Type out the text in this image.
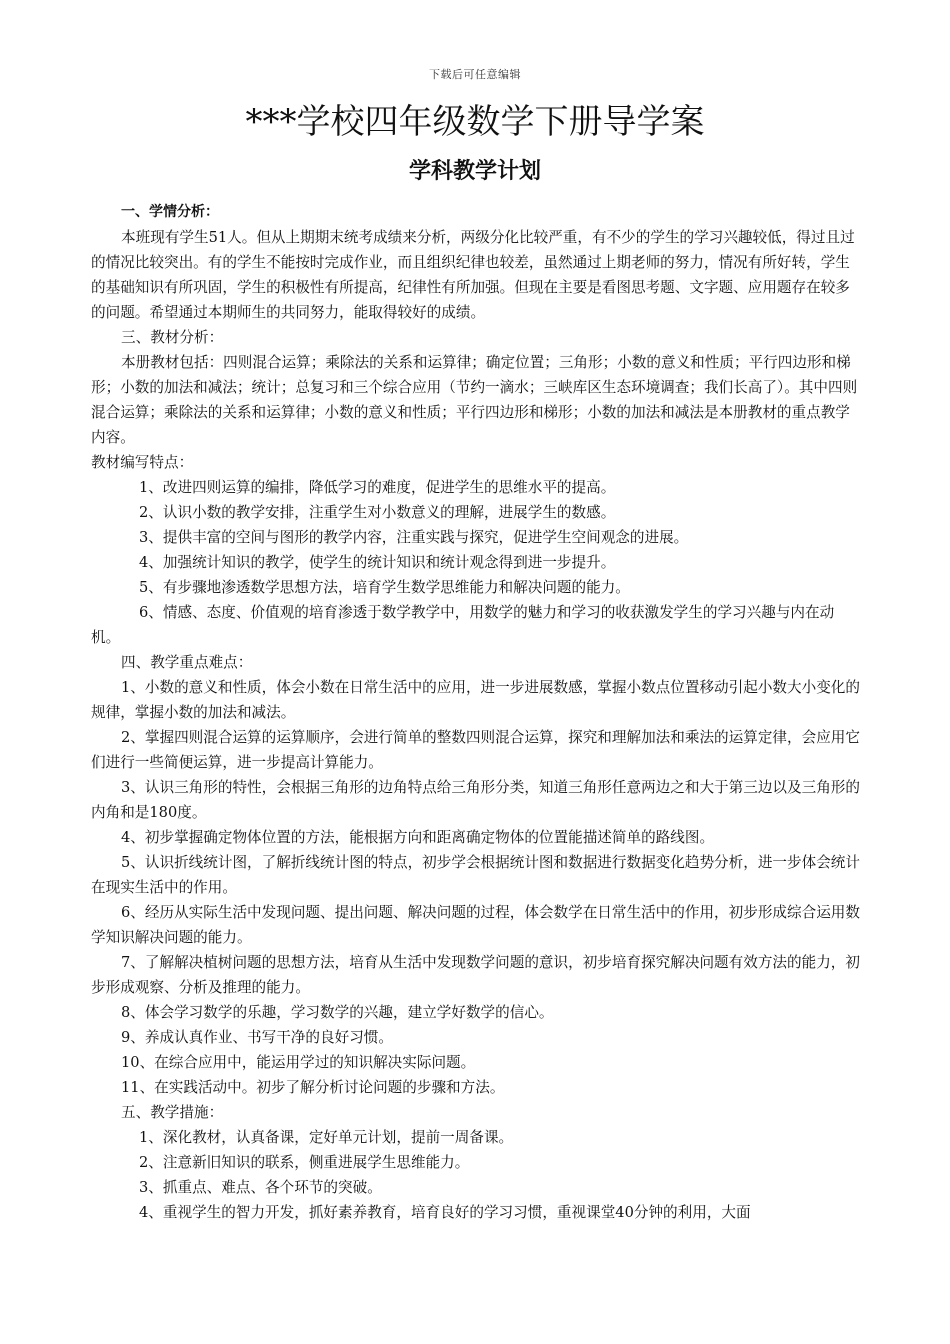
下载后可任意编辑
***学校四年级数学下册导学案
学科教学计划

一、学情分析：

本班现有学生51人。但从上期期末统考成绩来分析，两级分化比较严重，有不少的学生的学习兴趣较低，得过且过的情况比较突出。有的学生不能按时完成作业，而且组织纪律也较差，虽然通过上期老师的努力，情况有所好转，学生的基础知识有所巩固，学生的积极性有所提高，纪律性有所加强。但现在主要是看图思考题、文字题、应用题存在较多的问题。希望通过本期师生的共同努力，能取得较好的成绩。

三、教材分析：

本册教材包括：四则混合运算；乘除法的关系和运算律；确定位置；三角形；小数的意义和性质；平行四边形和梯形；小数的加法和减法；统计；总复习和三个综合应用（节约一滴水；三峡库区生态环境调查；我们长高了）。其中四则混合运算；乘除法的关系和运算律；小数的意义和性质；平行四边形和梯形；小数的加法和减法是本册教材的重点教学内容。

教材编写特点：

1、改进四则运算的编排，降低学习的难度，促进学生的思维水平的提高。

2、认识小数的教学安排，注重学生对小数意义的理解，进展学生的数感。

3、提供丰富的空间与图形的教学内容，注重实践与探究，促进学生空间观念的进展。

4、加强统计知识的教学，使学生的统计知识和统计观念得到进一步提升。

5、有步骤地渗透数学思想方法，培育学生数学思维能力和解决问题的能力。

6、情感、态度、价值观的培育渗透于数学教学中，用数学的魅力和学习的收获激发学生的学习兴趣与内在动机。

四、教学重点难点：

1、小数的意义和性质，体会小数在日常生活中的应用，进一步进展数感，掌握小数点位置移动引起小数大小变化的规律，掌握小数的加法和减法。

2、掌握四则混合运算的运算顺序，会进行简单的整数四则混合运算，探究和理解加法和乘法的运算定律，会应用它们进行一些简便运算，进一步提高计算能力。

3、认识三角形的特性，会根据三角形的边角特点给三角形分类，知道三角形任意两边之和大于第三边以及三角形的内角和是180度。

4、初步掌握确定物体位置的方法，能根据方向和距离确定物体的位置能描述简单的路线图。

5、认识折线统计图，了解折线统计图的特点，初步学会根据统计图和数据进行数据变化趋势分析，进一步体会统计在现实生活中的作用。

6、经历从实际生活中发现问题、提出问题、解决问题的过程，体会数学在日常生活中的作用，初步形成综合运用数学知识解决问题的能力。

7、了解解决植树问题的思想方法，培育从生活中发现数学问题的意识，初步培育探究解决问题有效方法的能力，初步形成观察、分析及推理的能力。

8、体会学习数学的乐趣，学习数学的兴趣，建立学好数学的信心。

9、养成认真作业、书写干净的良好习惯。

10、在综合应用中，能运用学过的知识解决实际问题。

11、在实践活动中。初步了解分析讨论问题的步骤和方法。

五、教学措施：

1、深化教材，认真备课，定好单元计划，提前一周备课。

2、注意新旧知识的联系，侧重进展学生思维能力。

3、抓重点、难点、各个环节的突破。

4、重视学生的智力开发，抓好素养教育，培育良好的学习习惯，重视课堂40分钟的利用，大面
